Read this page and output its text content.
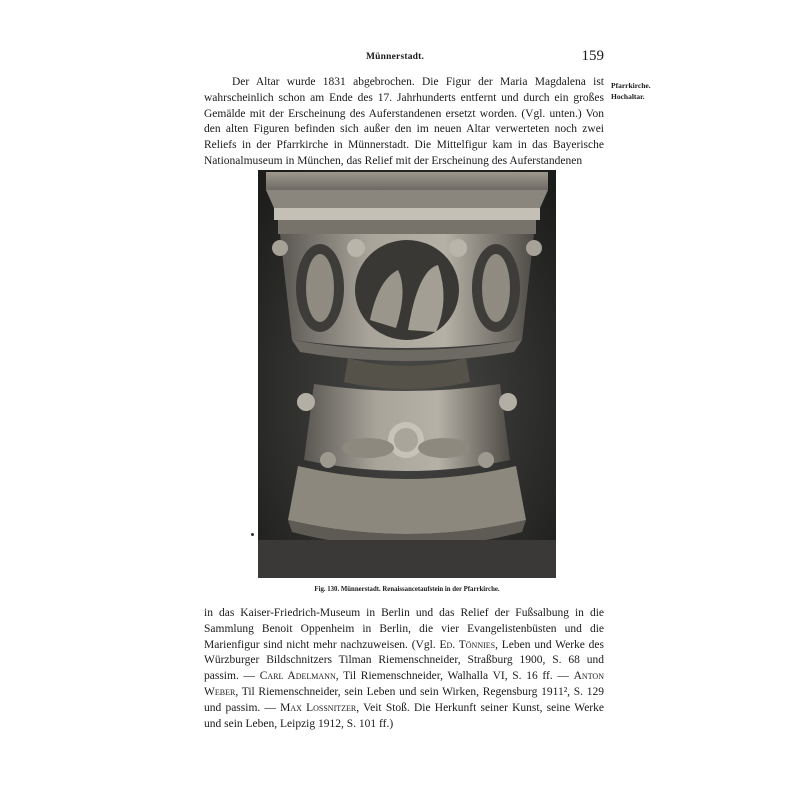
Münnerstadt.	159
Pfarrkirche.
Hochaltar.

Der Altar wurde 1831 abgebrochen. Die Figur der Maria Magdalena ist wahrscheinlich schon am Ende des 17. Jahrhunderts entfernt und durch ein großes Gemälde mit der Erscheinung des Auferstandenen ersetzt worden. (Vgl. unten.) Von den alten Figuren befinden sich außer den im neuen Altar verwerteten noch zwei Reliefs in der Pfarrkirche in Münnerstadt. Die Mittelfigur kam in das Bayerische Nationalmuseum in München, das Relief mit der Erscheinung des Auferstandenen

Fig. 130. Münnerstadt. Renaissancetaufstein in der Pfarrkirche.

in das Kaiser-Friedrich-Museum in Berlin und das Relief der Fußsalbung in die Sammlung Benoit Oppenheim in Berlin, die vier Evangelistenbüsten und die Marienfigur sind nicht mehr nachzuweisen. (Vgl. Ed. Tönnies, Leben und Werke des Würzburger Bildschnitzers Tilman Riemenschneider, Straßburg 1900, S. 68 und passim. — Carl Adelmann, Til Riemenschneider, Walhalla VI, S. 16 ff. — Anton Weber, Til Riemenschneider, sein Leben und sein Wirken, Regensburg 1911², S. 129 und passim. — Max Lossnitzer, Veit Stoß. Die Herkunft seiner Kunst, seine Werke und sein Leben, Leipzig 1912, S. 101 ff.)
